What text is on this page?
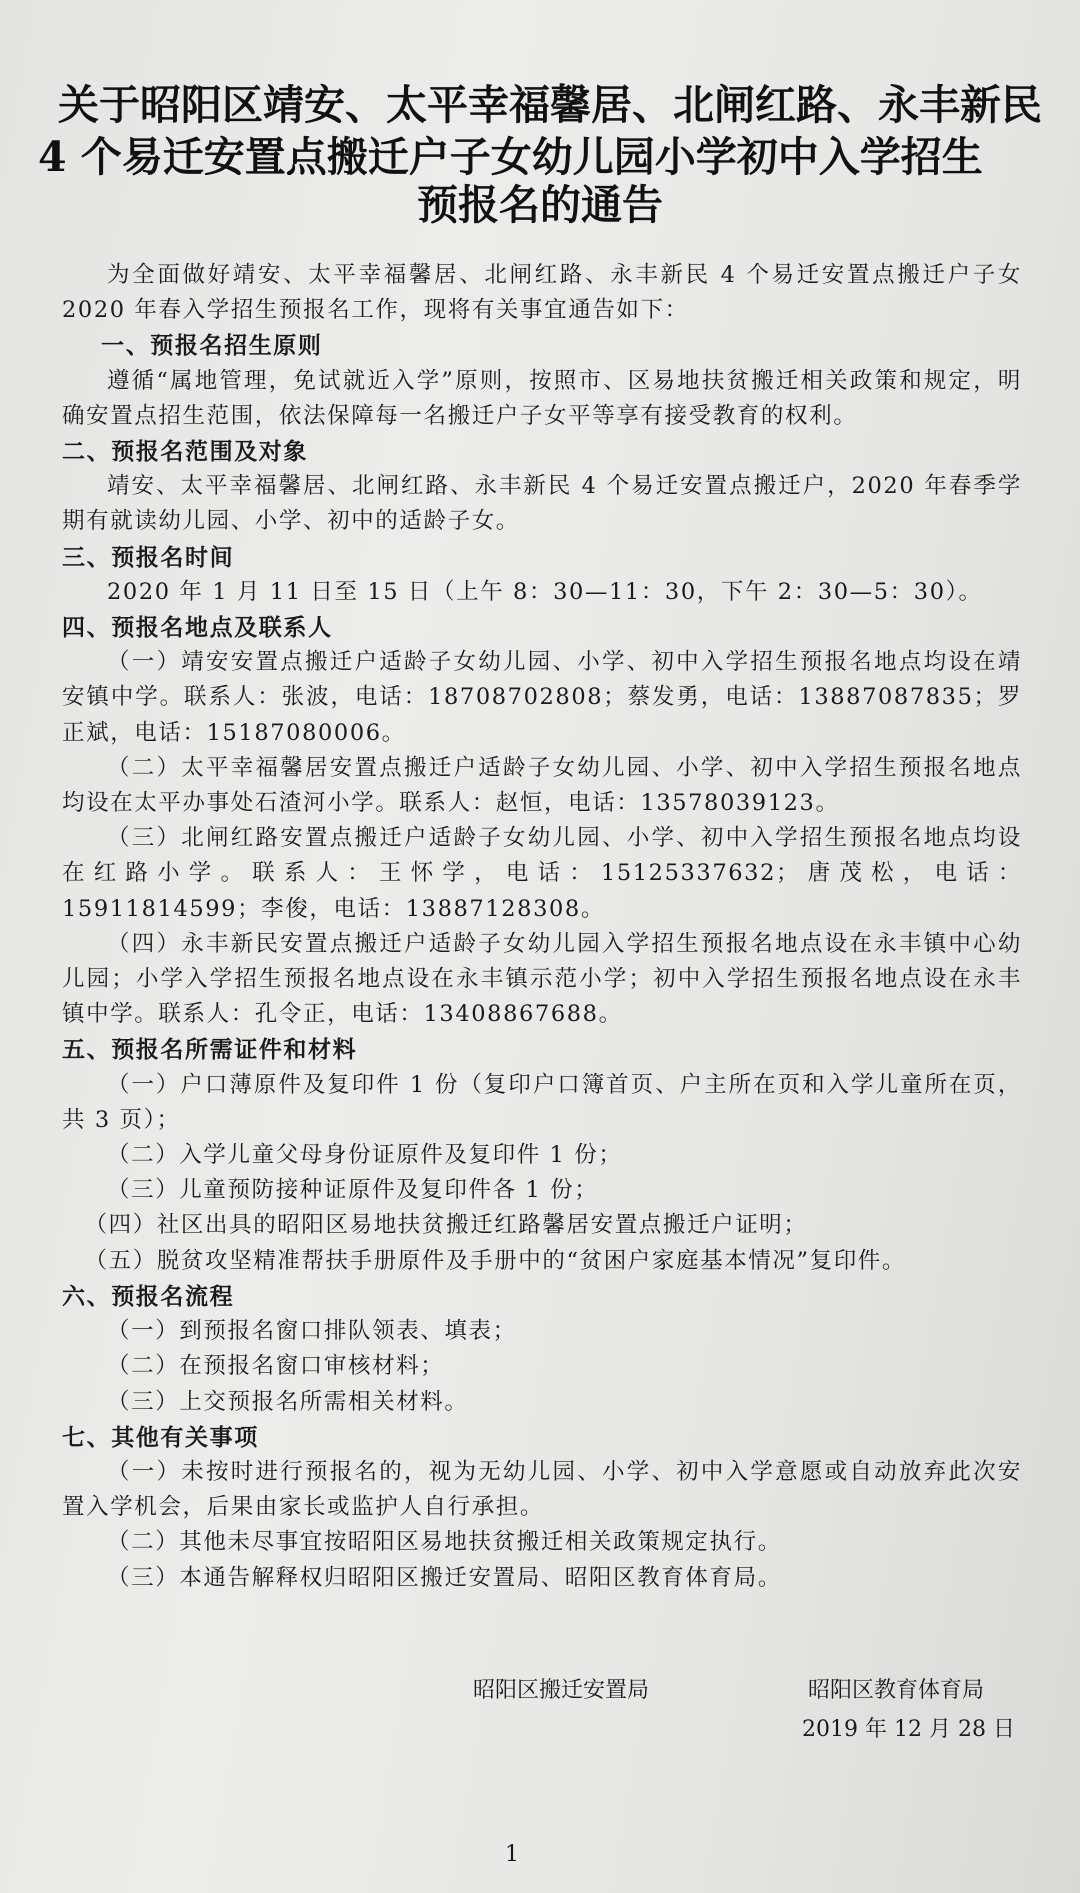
关于昭阳区靖安、太平幸福馨居、北闸红路、永丰新民
4 个易迁安置点搬迁户子女幼儿园小学初中入学招生
预报名的通告

为全面做好靖安、太平幸福馨居、北闸红路、永丰新民 4 个易迁安置点搬迁户子女 2020 年春入学招生预报名工作，现将有关事宜通告如下：

一、预报名招生原则

遵循“属地管理，免试就近入学”原则，按照市、区易地扶贫搬迁相关政策和规定，明确安置点招生范围，依法保障每一名搬迁户子女平等享有接受教育的权利。

二、预报名范围及对象

靖安、太平幸福馨居、北闸红路、永丰新民 4 个易迁安置点搬迁户，2020 年春季学期有就读幼儿园、小学、初中的适龄子女。

三、预报名时间

2020 年 1 月 11 日至 15 日（上午 8：30—11：30，下午 2：30—5：30）。

四、预报名地点及联系人

（一）靖安安置点搬迁户适龄子女幼儿园、小学、初中入学招生预报名地点均设在靖安镇中学。联系人：张波，电话：18708702808；蔡发勇，电话：13887087835；罗正斌，电话：15187080006。

（二）太平幸福馨居安置点搬迁户适龄子女幼儿园、小学、初中入学招生预报名地点均设在太平办事处石渣河小学。联系人：赵恒，电话：13578039123。

（三）北闸红路安置点搬迁户适龄子女幼儿园、小学、初中入学招生预报名地点均设在红路小学。联系人：王怀学，电话：15125337632；唐茂松，电话：15911814599；李俊，电话：13887128308。

（四）永丰新民安置点搬迁户适龄子女幼儿园入学招生预报名地点设在永丰镇中心幼儿园；小学入学招生预报名地点设在永丰镇示范小学；初中入学招生预报名地点设在永丰镇中学。联系人：孔令正，电话：13408867688。

五、预报名所需证件和材料

（一）户口薄原件及复印件 1 份（复印户口簿首页、户主所在页和入学儿童所在页，共 3 页）；

（二）入学儿童父母身份证原件及复印件 1 份；

（三）儿童预防接种证原件及复印件各 1 份；

（四）社区出具的昭阳区易地扶贫搬迁红路馨居安置点搬迁户证明；

（五）脱贫攻坚精准帮扶手册原件及手册中的“贫困户家庭基本情况”复印件。

六、预报名流程

（一）到预报名窗口排队领表、填表；

（二）在预报名窗口审核材料；

（三）上交预报名所需相关材料。

七、其他有关事项

（一）未按时进行预报名的，视为无幼儿园、小学、初中入学意愿或自动放弃此次安置入学机会，后果由家长或监护人自行承担。

（二）其他未尽事宜按昭阳区易地扶贫搬迁相关政策规定执行。

（三）本通告解释权归昭阳区搬迁安置局、昭阳区教育体育局。

昭阳区搬迁安置局	昭阳区教育体育局
2019 年 12 月 28 日
1
